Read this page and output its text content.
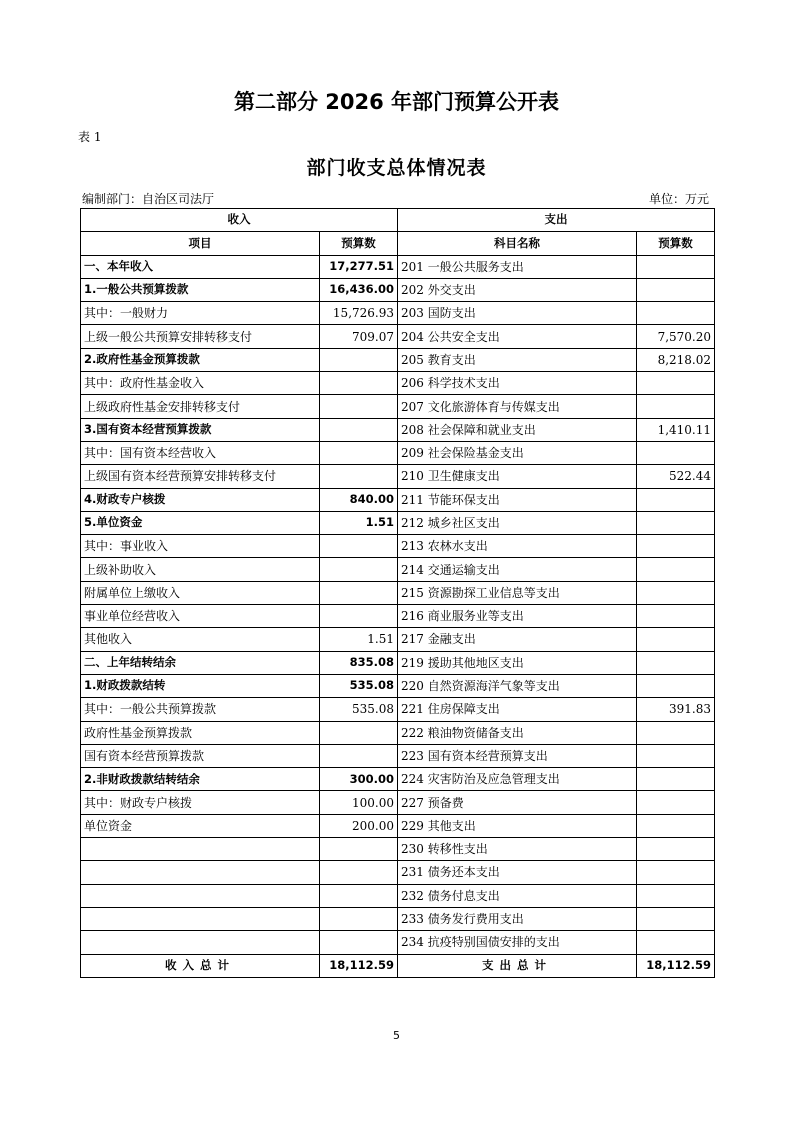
第二部分 2026 年部门预算公开表
表 1
部门收支总体情况表
编制部门：自治区司法厅	单位：万元
收入		支出	
项目	预算数	科目名称	预算数
一、本年收入	17,277.51	201 一般公共服务支出	
1.一般公共预算拨款	16,436.00	202 外交支出	
其中：一般财力	15,726.93	203 国防支出	
上级一般公共预算安排转移支付	709.07	204 公共安全支出	7,570.20
2.政府性基金预算拨款		205 教育支出	8,218.02
其中：政府性基金收入		206 科学技术支出	
上级政府性基金安排转移支付		207 文化旅游体育与传媒支出	
3.国有资本经营预算拨款		208 社会保障和就业支出	1,410.11
其中：国有资本经营收入		209 社会保险基金支出	
上级国有资本经营预算安排转移支付		210 卫生健康支出	522.44
4.财政专户核拨	840.00	211 节能环保支出	
5.单位资金	1.51	212 城乡社区支出	
其中：事业收入		213 农林水支出	
上级补助收入		214 交通运输支出	
附属单位上缴收入		215 资源勘探工业信息等支出	
事业单位经营收入		216 商业服务业等支出	
其他收入	1.51	217 金融支出	
二、上年结转结余	835.08	219 援助其他地区支出	
1.财政拨款结转	535.08	220 自然资源海洋气象等支出	
其中：一般公共预算拨款	535.08	221 住房保障支出	391.83
政府性基金预算拨款		222 粮油物资储备支出	
国有资本经营预算拨款		223 国有资本经营预算支出	
2.非财政拨款结转结余	300.00	224 灾害防治及应急管理支出	
其中：财政专户核拨	100.00	227 预备费	
单位资金	200.00	229 其他支出	
		230 转移性支出	
		231 债务还本支出	
		232 债务付息支出	
		233 债务发行费用支出	
		234 抗疫特别国债安排的支出	
收入总计	18,112.59	支出总计	18,112.59
5
